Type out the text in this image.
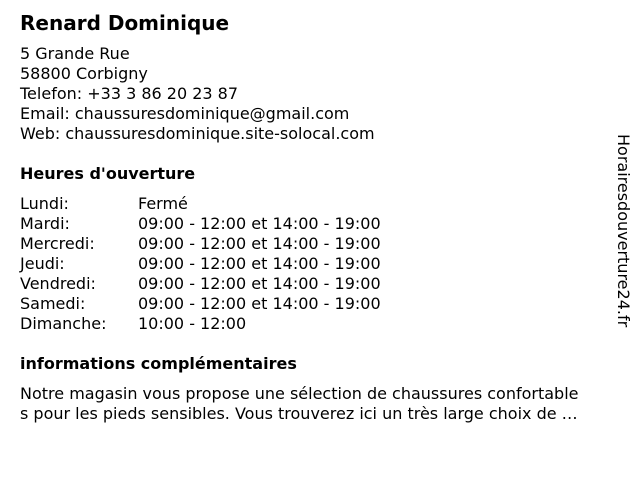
Renard Dominique
5 Grande Rue
58800 Corbigny
Telefon: +33 3 86 20 23 87
Email: chaussuresdominique@gmail.com
Web: chaussuresdominique.site-solocal.com
Heures d'ouverture
Lundi:	Fermé
Mardi:	09:00 - 12:00 et 14:00 - 19:00
Mercredi:	09:00 - 12:00 et 14:00 - 19:00
Jeudi:	09:00 - 12:00 et 14:00 - 19:00
Vendredi:	09:00 - 12:00 et 14:00 - 19:00
Samedi:	09:00 - 12:00 et 14:00 - 19:00
Dimanche: 10:00 - 12:00
informations complémentaires
Notre magasin vous propose une sélection de chaussures confortable
s pour les pieds sensibles. Vous trouverez ici un très large choix de …
Horairesdouverture24.fr
